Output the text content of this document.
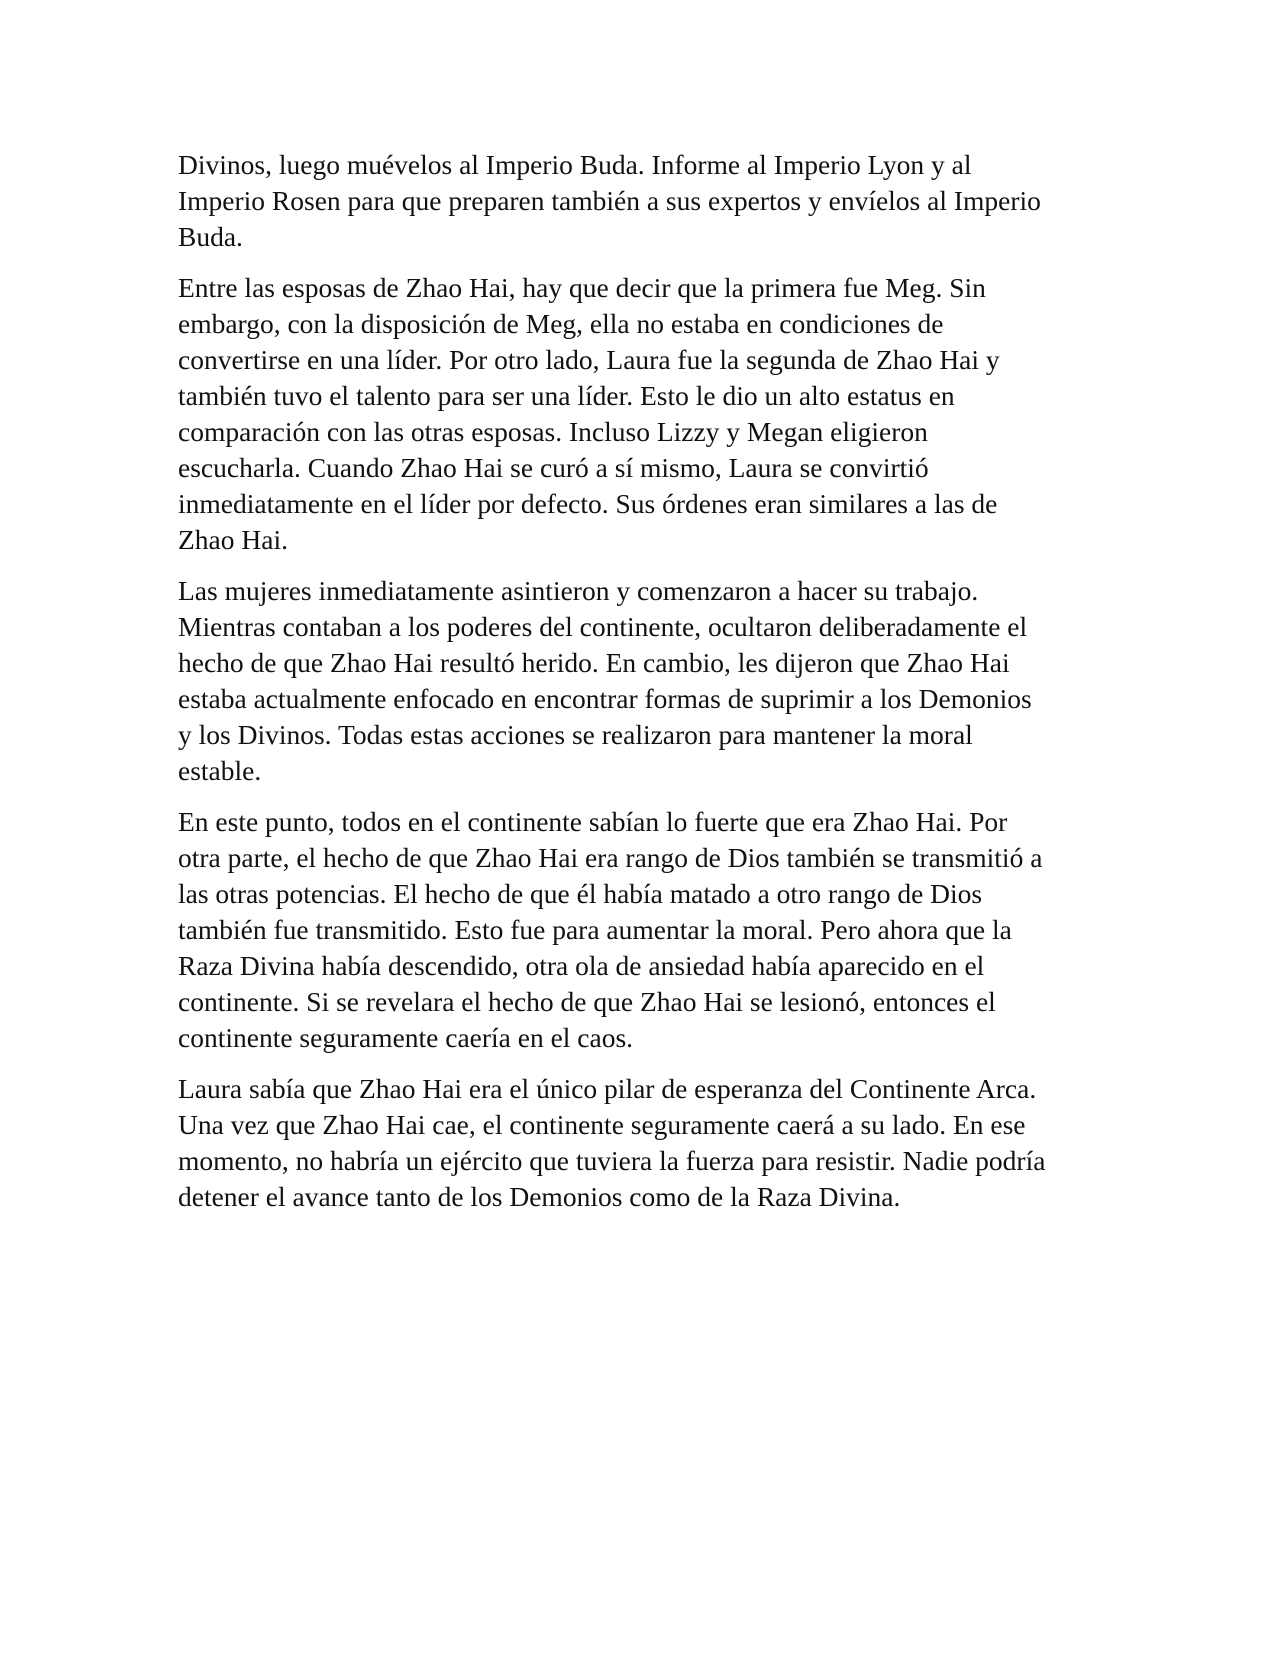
Divinos, luego muévelos al Imperio Buda. Informe al Imperio Lyon y al
Imperio Rosen para que preparen también a sus expertos y envíelos al Imperio
Buda.

Entre las esposas de Zhao Hai, hay que decir que la primera fue Meg. Sin
embargo, con la disposición de Meg, ella no estaba en condiciones de
convertirse en una líder. Por otro lado, Laura fue la segunda de Zhao Hai y
también tuvo el talento para ser una líder. Esto le dio un alto estatus en
comparación con las otras esposas. Incluso Lizzy y Megan eligieron
escucharla. Cuando Zhao Hai se curó a sí mismo, Laura se convirtió
inmediatamente en el líder por defecto. Sus órdenes eran similares a las de
Zhao Hai.

Las mujeres inmediatamente asintieron y comenzaron a hacer su trabajo.
Mientras contaban a los poderes del continente, ocultaron deliberadamente el
hecho de que Zhao Hai resultó herido. En cambio, les dijeron que Zhao Hai
estaba actualmente enfocado en encontrar formas de suprimir a los Demonios
y los Divinos. Todas estas acciones se realizaron para mantener la moral
estable.

En este punto, todos en el continente sabían lo fuerte que era Zhao Hai. Por
otra parte, el hecho de que Zhao Hai era rango de Dios también se transmitió a
las otras potencias. El hecho de que él había matado a otro rango de Dios
también fue transmitido. Esto fue para aumentar la moral. Pero ahora que la
Raza Divina había descendido, otra ola de ansiedad había aparecido en el
continente. Si se revelara el hecho de que Zhao Hai se lesionó, entonces el
continente seguramente caería en el caos.

Laura sabía que Zhao Hai era el único pilar de esperanza del Continente Arca.
Una vez que Zhao Hai cae, el continente seguramente caerá a su lado. En ese
momento, no habría un ejército que tuviera la fuerza para resistir. Nadie podría
detener el avance tanto de los Demonios como de la Raza Divina.
